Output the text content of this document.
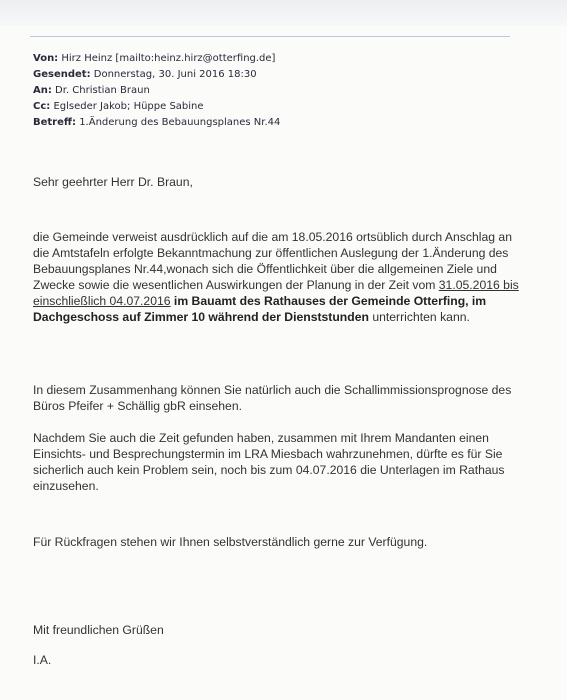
Von: Hirz Heinz [mailto:heinz.hirz@otterfing.de]
Gesendet: Donnerstag, 30. Juni 2016 18:30
An: Dr. Christian Braun
Cc: Eglseder Jakob; Hüppe Sabine
Betreff: 1.Änderung des Bebauungsplanes Nr.44

Sehr geehrter Herr Dr. Braun,

die Gemeinde verweist ausdrücklich auf die am 18.05.2016 ortsüblich durch Anschlag an die Amtstafeln erfolgte Bekanntmachung zur öffentlichen Auslegung der 1.Änderung des Bebauungsplanes Nr.44,wonach sich die Öffentlichkeit über die allgemeinen Ziele und Zwecke sowie die wesentlichen Auswirkungen der Planung in der Zeit vom 31.05.2016 bis einschließlich 04.07.2016 im Bauamt des Rathauses der Gemeinde Otterfing, im Dachgeschoss auf Zimmer 10 während der Dienststunden unterrichten kann.

In diesem Zusammenhang können Sie natürlich auch die Schallimmissionsprognose des Büros Pfeifer + Schällig gbR einsehen.

Nachdem Sie auch die Zeit gefunden haben, zusammen mit Ihrem Mandanten einen Einsichts- und Besprechungstermin im LRA Miesbach wahrzunehmen, dürfte es für Sie sicherlich auch kein Problem sein, noch bis zum 04.07.2016 die Unterlagen im Rathaus einzusehen.

Für Rückfragen stehen wir Ihnen selbstverständlich gerne zur Verfügung.

Mit freundlichen Grüßen

I.A.
